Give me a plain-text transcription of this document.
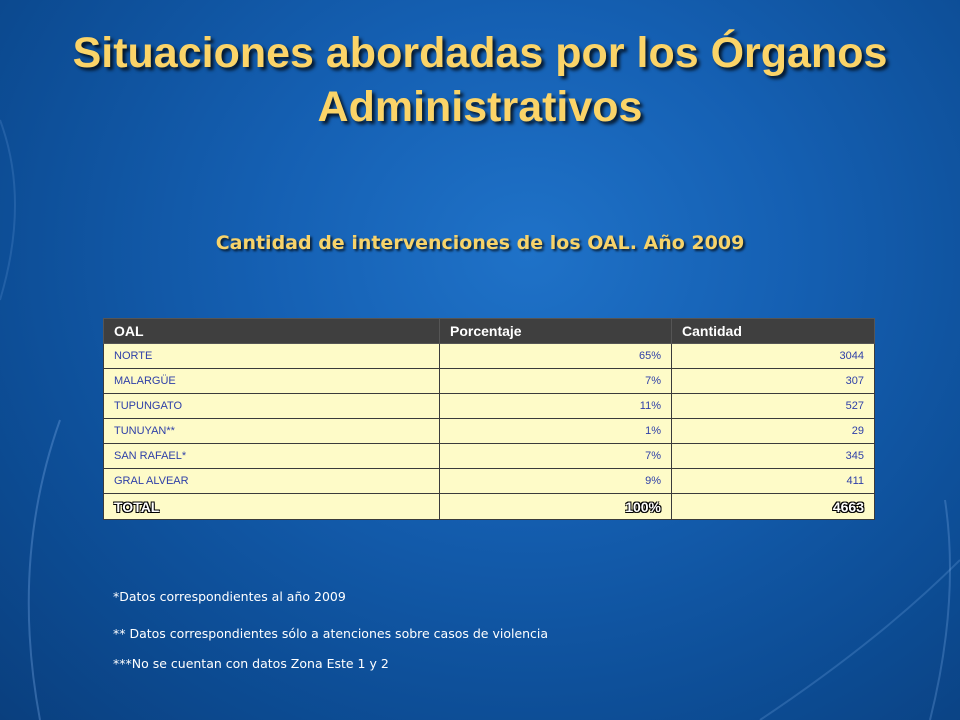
Situaciones abordadas por los Órganos
Administrativos
Cantidad de intervenciones de los OAL. Año 2009
OAL	Porcentaje	Cantidad
NORTE	65%	3044
MALARGÜE	7%	307
TUPUNGATO	11%	527
TUNUYAN**	1%	29
SAN RAFAEL*	7%	345
GRAL ALVEAR	9%	411
TOTAL	100%	4663
*Datos correspondientes al año 2009
** Datos correspondientes sólo a atenciones sobre casos de violencia
***No se cuentan con datos Zona Este 1 y 2
